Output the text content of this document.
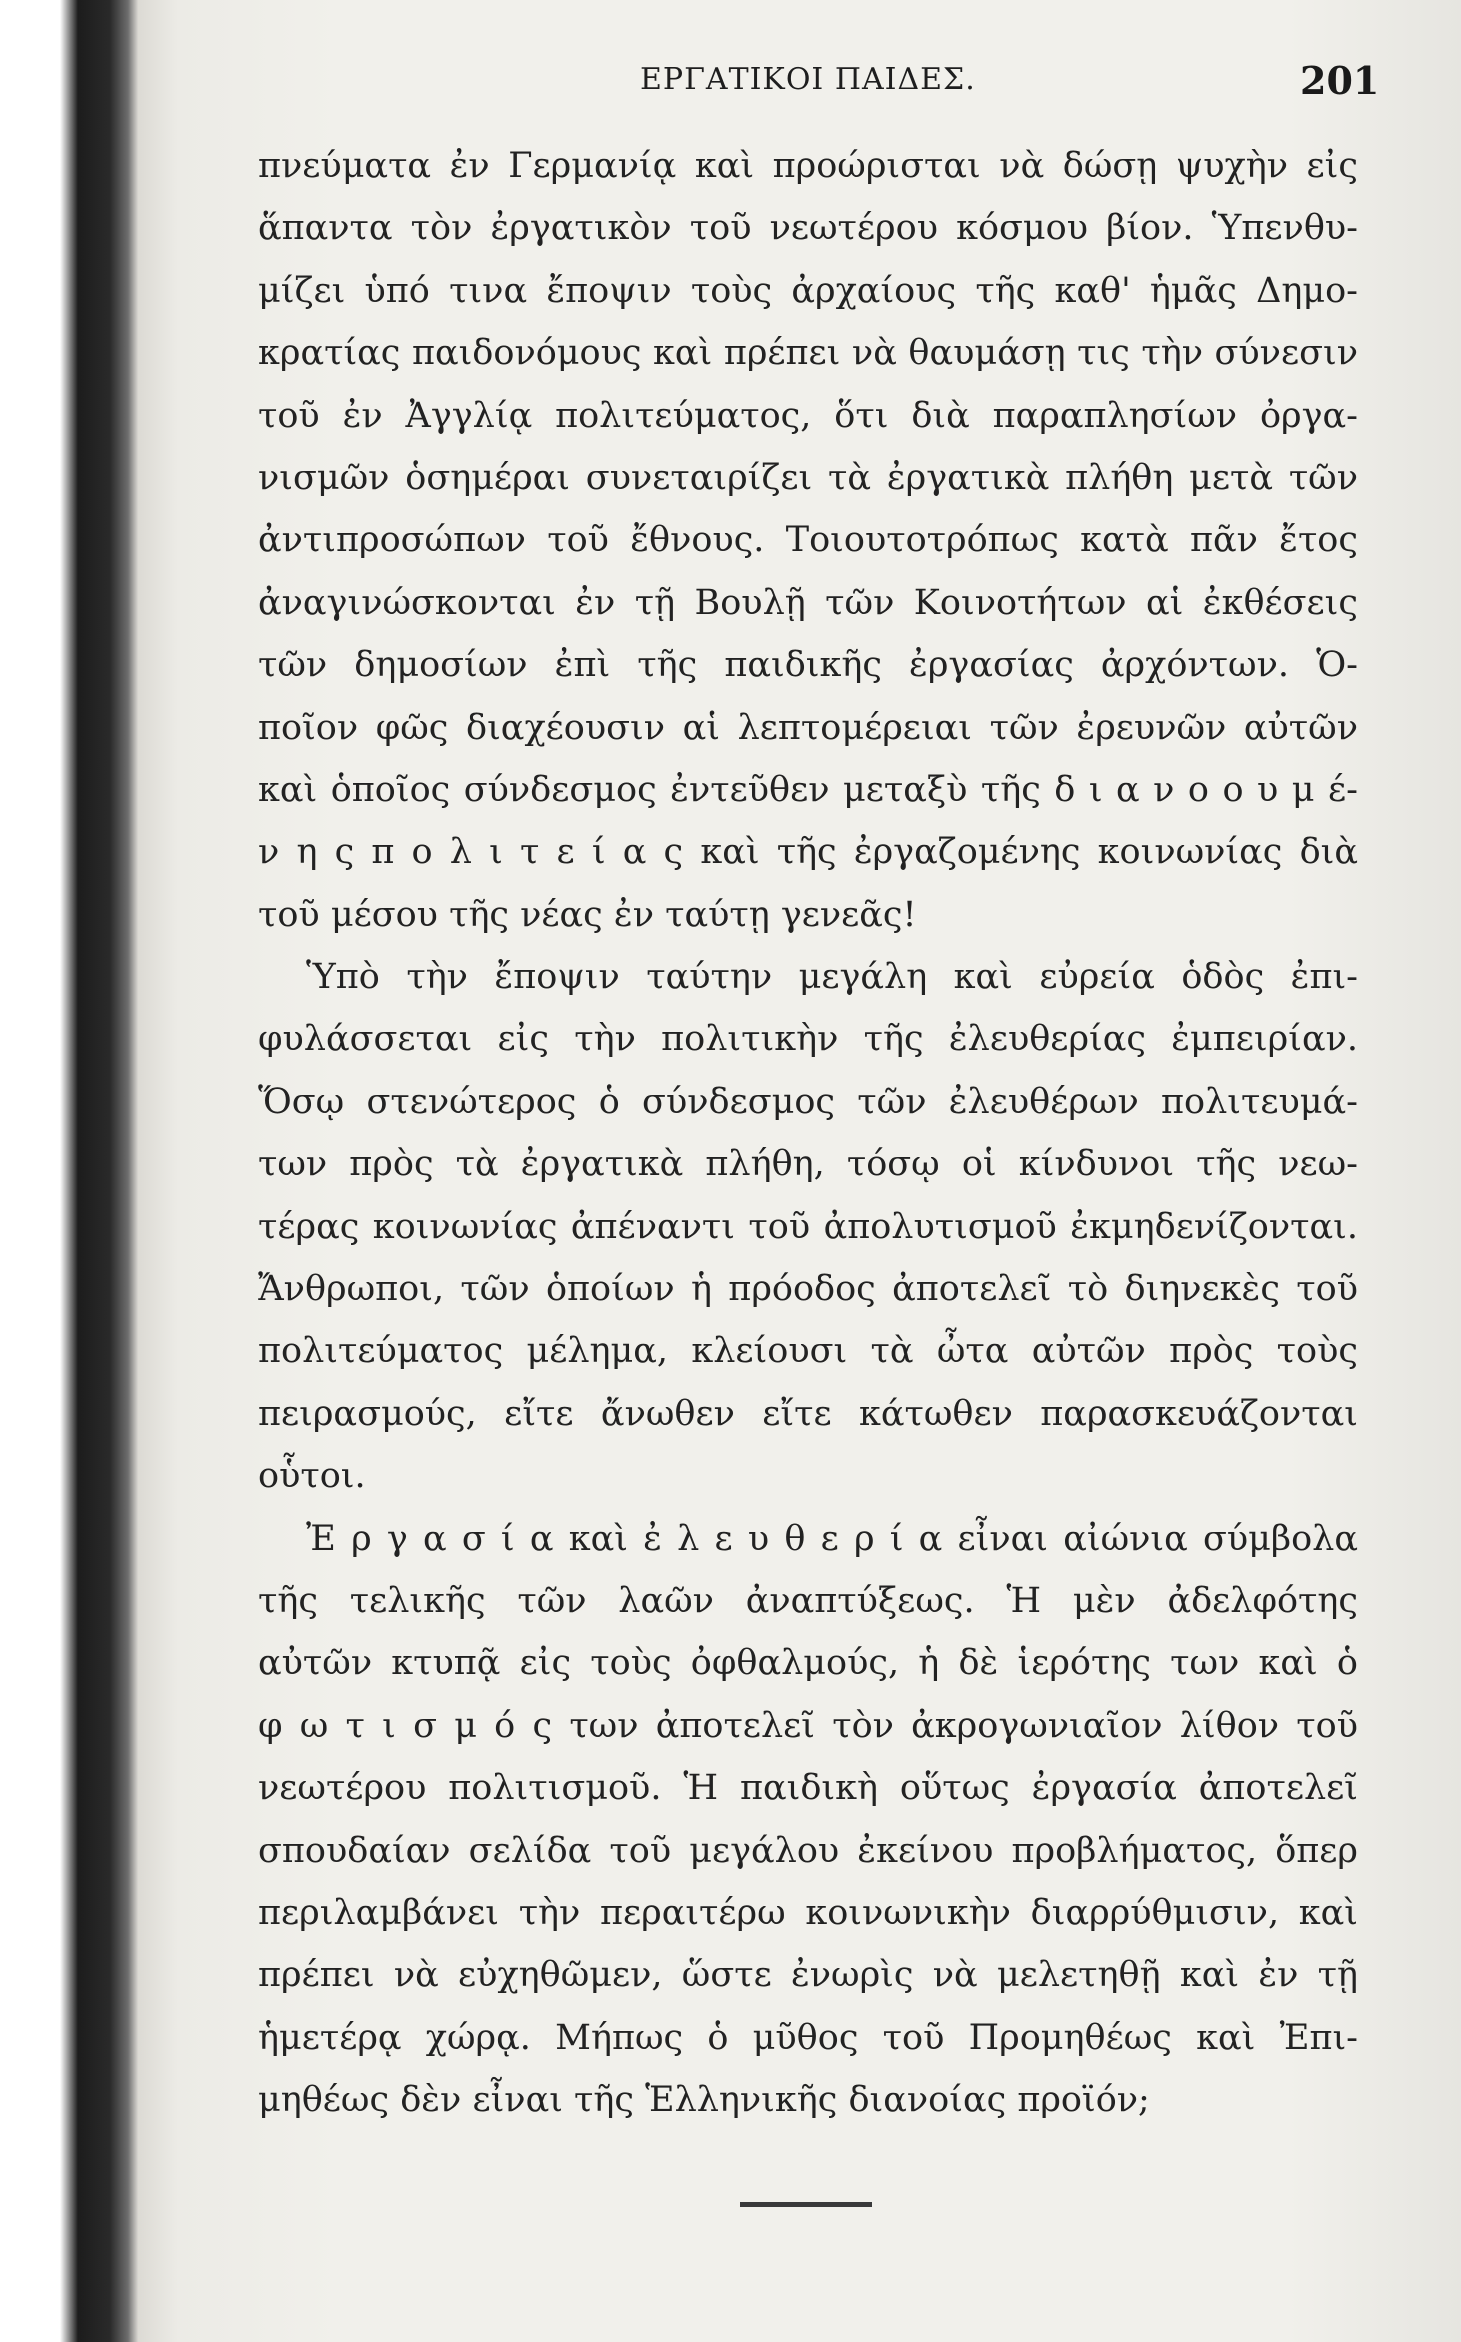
ΕΡΓΑΤΙΚΟΙ ΠΑΙΔΕΣ.	201
πνεύματα ἐν Γερμανίᾳ καὶ προώρισται νὰ δώσῃ ψυχὴν εἰς
ἅπαντα τὸν ἐργατικὸν τοῦ νεωτέρου κόσμου βίον. Ὑπενθυ-
μίζει ὑπό τινα ἔποψιν τοὺς ἀρχαίους τῆς καθ' ἡμᾶς Δημο-
κρατίας παιδονόμους καὶ πρέπει νὰ θαυμάσῃ τις τὴν σύνεσιν
τοῦ ἐν Ἀγγλίᾳ πολιτεύματος, ὅτι διὰ παραπλησίων ὀργα-
νισμῶν ὁσημέραι συνεταιρίζει τὰ ἐργατικὰ πλήθη μετὰ τῶν
ἀντιπροσώπων τοῦ ἔθνους. Τοιουτοτρόπως κατὰ πᾶν ἔτος
ἀναγινώσκονται ἐν τῇ Βουλῇ τῶν Κοινοτήτων αἱ ἐκθέσεις
τῶν δημοσίων ἐπὶ τῆς παιδικῆς ἐργασίας ἀρχόντων. Ὁ-
ποῖον φῶς διαχέουσιν αἱ λεπτομέρειαι τῶν ἐρευνῶν αὐτῶν
καὶ ὁποῖος σύνδεσμος ἐντεῦθεν μεταξὺ τῆς δ ι α ν ο ο υ μ έ-
ν η ς π ο λ ι τ ε ί α ς καὶ τῆς ἐργαζομένης κοινωνίας διὰ
τοῦ μέσου τῆς νέας ἐν ταύτῃ γενεᾶς!
Ὑπὸ τὴν ἔποψιν ταύτην μεγάλη καὶ εὐρεία ὁδὸς ἐπι-
φυλάσσεται εἰς τὴν πολιτικὴν τῆς ἐλευθερίας ἐμπειρίαν.
Ὅσῳ στενώτερος ὁ σύνδεσμος τῶν ἐλευθέρων πολιτευμά-
των πρὸς τὰ ἐργατικὰ πλήθη, τόσῳ οἱ κίνδυνοι τῆς νεω-
τέρας κοινωνίας ἀπέναντι τοῦ ἀπολυτισμοῦ ἐκμηδενίζονται.
Ἄνθρωποι, τῶν ὁποίων ἡ πρόοδος ἀποτελεῖ τὸ διηνεκὲς τοῦ
πολιτεύματος μέλημα, κλείουσι τὰ ὦτα αὐτῶν πρὸς τοὺς
πειρασμούς, εἴτε ἄνωθεν εἴτε κάτωθεν παρασκευάζονται
οὗτοι.
Ἐ ρ γ α σ ί α καὶ ἐ λ ε υ θ ε ρ ί α εἶναι αἰώνια σύμβολα
τῆς τελικῆς τῶν λαῶν ἀναπτύξεως. Ἡ μὲν ἀδελφότης
αὐτῶν κτυπᾷ εἰς τοὺς ὀφθαλμούς, ἡ δὲ ἱερότης των καὶ ὁ
φ ω τ ι σ μ ό ς των ἀποτελεῖ τὸν ἀκρογωνιαῖον λίθον τοῦ
νεωτέρου πολιτισμοῦ. Ἡ παιδικὴ οὕτως ἐργασία ἀποτελεῖ
σπουδαίαν σελίδα τοῦ μεγάλου ἐκείνου προβλήματος, ὅπερ
περιλαμβάνει τὴν περαιτέρω κοινωνικὴν διαρρύθμισιν, καὶ
πρέπει νὰ εὐχηθῶμεν, ὥστε ἐνωρὶς νὰ μελετηθῇ καὶ ἐν τῇ
ἡμετέρᾳ χώρᾳ. Μήπως ὁ μῦθος τοῦ Προμηθέως καὶ Ἐπι-
μηθέως δὲν εἶναι τῆς Ἑλληνικῆς διανοίας προϊόν;
